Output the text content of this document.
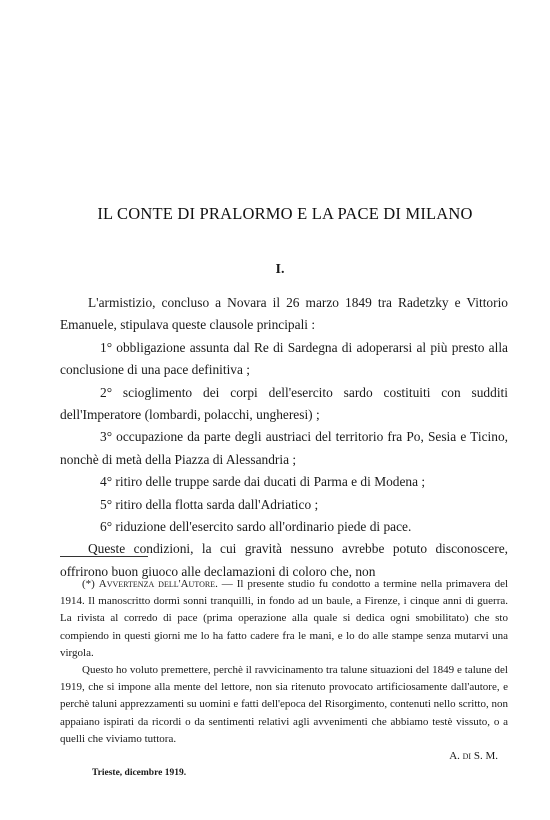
IL CONTE DI PRALORMO E LA PACE DI MILANO
I.

L'armistizio, concluso a Novara il 26 marzo 1849 tra Radetzky e Vittorio Emanuele, stipulava queste clausole principali :

1° obbligazione assunta dal Re di Sardegna di adoperarsi al più presto alla conclusione di una pace definitiva ;

2° scioglimento dei corpi dell'esercito sardo costituiti con sudditi dell'Imperatore (lombardi, polacchi, ungheresi) ;

3° occupazione da parte degli austriaci del territorio fra Po, Sesia e Ticino, nonchè di metà della Piazza di Alessandria ;

4° ritiro delle truppe sarde dai ducati di Parma e di Modena ;

5° ritiro della flotta sarda dall'Adriatico ;

6° riduzione dell'esercito sardo all'ordinario piede di pace.

Queste condizioni, la cui gravità nessuno avrebbe potuto disconoscere, offrirono buon giuoco alle declamazioni di coloro che, non

(*) Avvertenza dell'Autore. — Il presente studio fu condotto a termine nella primavera del 1914. Il manoscritto dormì sonni tranquilli, in fondo ad un baule, a Firenze, i cinque anni di guerra. La rivista al corredo di pace (prima operazione alla quale si dedica ogni smobilitato) che sto compiendo in questi giorni me lo ha fatto cadere fra le mani, e lo do alle stampe senza mutarvi una virgola.

Questo ho voluto premettere, perchè il ravvicinamento tra talune situazioni del 1849 e talune del 1919, che si impone alla mente del lettore, non sia ritenuto provocato artificiosamente dall'autore, e perchè taluni apprezzamenti su uomini e fatti dell'epoca del Risorgimento, contenuti nello scritto, non appaiano ispirati da ricordi o da sentimenti relativi agli avvenimenti che abbiamo testè vissuto, o a quelli che viviamo tuttora.

A. di S. M.
Trieste, dicembre 1919.
